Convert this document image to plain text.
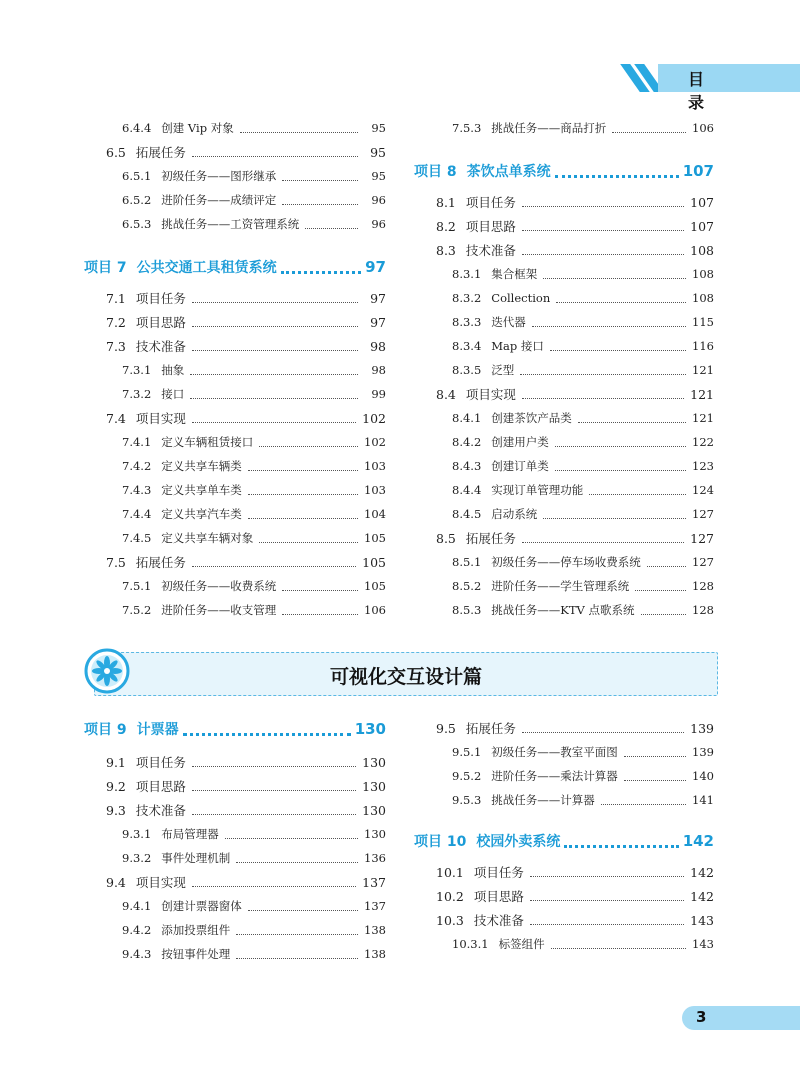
目　录
6.4.4 创建 Vip 对象	95
6.5 拓展任务	95
6.5.1 初级任务——图形继承	95
6.5.2 进阶任务——成绩评定	96
6.5.3 挑战任务——工资管理系统	96
项目 7 公共交通工具租赁系统	97
7.1 项目任务	97
7.2 项目思路	97
7.3 技术准备	98
7.3.1 抽象	98
7.3.2 接口	99
7.4 项目实现	102
7.4.1 定义车辆租赁接口	102
7.4.2 定义共享车辆类	103
7.4.3 定义共享单车类	103
7.4.4 定义共享汽车类	104
7.4.5 定义共享车辆对象	105
7.5 拓展任务	105
7.5.1 初级任务——收费系统	105
7.5.2 进阶任务——收支管理	106
7.5.3 挑战任务——商品打折	106
项目 8 茶饮点单系统	107
8.1 项目任务	107
8.2 项目思路	107
8.3 技术准备	108
8.3.1 集合框架	108
8.3.2 Collection	108
8.3.3 迭代器	115
8.3.4 Map 接口	116
8.3.5 泛型	121
8.4 项目实现	121
8.4.1 创建茶饮产品类	121
8.4.2 创建用户类	122
8.4.3 创建订单类	123
8.4.4 实现订单管理功能	124
8.4.5 启动系统	127
8.5 拓展任务	127
8.5.1 初级任务——停车场收费系统	127
8.5.2 进阶任务——学生管理系统	128
8.5.3 挑战任务——KTV 点歌系统	128
可视化交互设计篇
项目 9 计票器	130
9.1 项目任务	130
9.2 项目思路	130
9.3 技术准备	130
9.3.1 布局管理器	130
9.3.2 事件处理机制	136
9.4 项目实现	137
9.4.1 创建计票器窗体	137
9.4.2 添加投票组件	138
9.4.3 按钮事件处理	138
9.5 拓展任务	139
9.5.1 初级任务——教室平面图	139
9.5.2 进阶任务——乘法计算器	140
9.5.3 挑战任务——计算器	141
项目 10 校园外卖系统	142
10.1 项目任务	142
10.2 项目思路	142
10.3 技术准备	143
10.3.1 标签组件	143
3
